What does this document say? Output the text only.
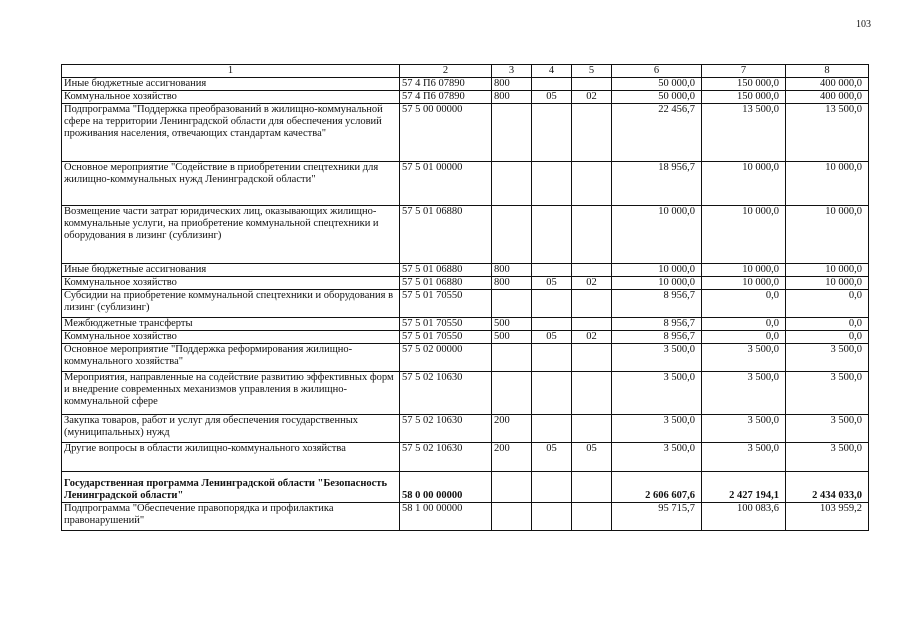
103
1	2	3	4	5	6	7	8
Иные бюджетные ассигнования	57 4 П6 07890	800			50 000,0	150 000,0	400 000,0
Коммунальное хозяйство	57 4 П6 07890	800	05	02	50 000,0	150 000,0	400 000,0
Подпрограмма "Поддержка преобразований в жилищно-коммунальной сфере на территории Ленинградской области для обеспечения условий проживания населения, отвечающих стандартам качества"	57 5 00 00000				22 456,7	13 500,0	13 500,0
Основное мероприятие "Содействие в приобретении спецтехники для жилищно-коммунальных нужд Ленинградской области"	57 5 01 00000				18 956,7	10 000,0	10 000,0
Возмещение части затрат юридических лиц, оказывающих жилищно-коммунальные услуги, на приобретение коммунальной спецтехники и оборудования в лизинг (сублизинг)	57 5 01 06880				10 000,0	10 000,0	10 000,0
Иные бюджетные ассигнования	57 5 01 06880	800			10 000,0	10 000,0	10 000,0
Коммунальное хозяйство	57 5 01 06880	800	05	02	10 000,0	10 000,0	10 000,0
Субсидии на приобретение коммунальной спецтехники и оборудования в лизинг (сублизинг)	57 5 01 70550				8 956,7	0,0	0,0
Межбюджетные трансферты	57 5 01 70550	500			8 956,7	0,0	0,0
Коммунальное хозяйство	57 5 01 70550	500	05	02	8 956,7	0,0	0,0
Основное мероприятие "Поддержка реформирования жилищно-коммунального хозяйства"	57 5 02 00000				3 500,0	3 500,0	3 500,0
Мероприятия, направленные на содействие развитию эффективных форм и внедрение современных механизмов управления в жилищно-коммунальной сфере	57 5 02 10630				3 500,0	3 500,0	3 500,0
Закупка товаров, работ и услуг для обеспечения государственных (муниципальных) нужд	57 5 02 10630	200			3 500,0	3 500,0	3 500,0
Другие вопросы в области жилищно-коммунального хозяйства	57 5 02 10630	200	05	05	3 500,0	3 500,0	3 500,0
Государственная программа Ленинградской области "Безопасность Ленинградской области"	58 0 00 00000				2 606 607,6	2 427 194,1	2 434 033,0
Подпрограмма "Обеспечение правопорядка и профилактика правонарушений"	58 1 00 00000				95 715,7	100 083,6	103 959,2
